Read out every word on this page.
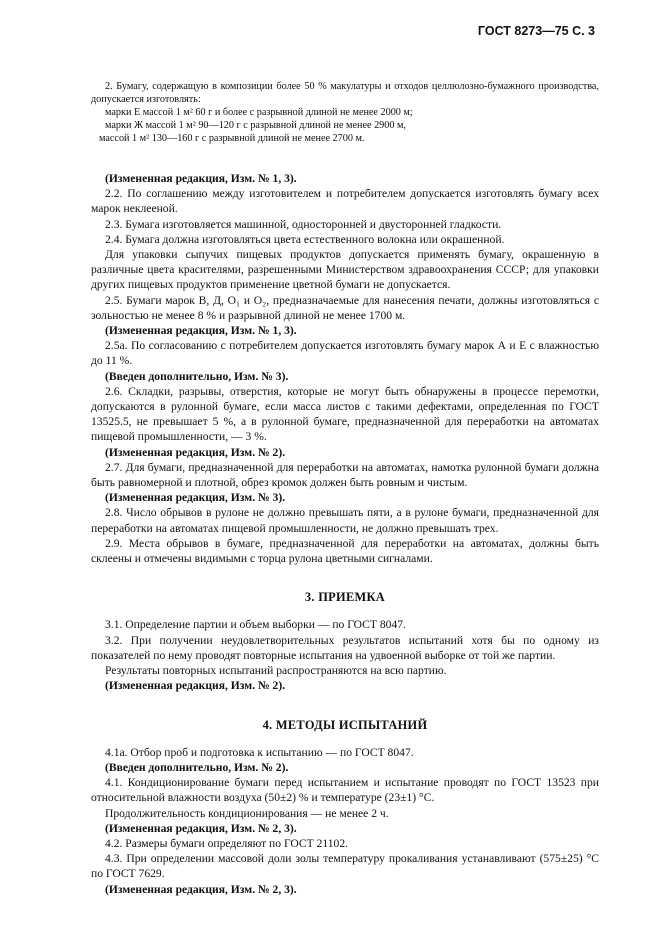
ГОСТ 8273—75 С. 3

2. Бумагу, содержащую в композиции более 50 % макулатуры и отходов целлюлозно-бумажного производства, допускается изготовлять:

марки Е массой 1 м² 60 г и более с разрывной длиной не менее 2000 м;

марки Ж массой 1 м² 90—120 г с разрывной длиной не менее 2900 м,

массой 1 м² 130—160 г с разрывной длиной не менее 2700 м.

(Измененная редакция, Изм. № 1, 3).

2.2. По соглашению между изготовителем и потребителем допускается изготовлять бумагу всех марок неклееной.

2.3. Бумага изготовляется машинной, односторонней и двусторонней гладкости.

2.4. Бумага должна изготовляться цвета естественного волокна или окрашенной.

Для упаковки сыпучих пищевых продуктов допускается применять бумагу, окрашенную в различные цвета красителями, разрешенными Министерством здравоохранения СССР; для упаковки других пищевых продуктов применение цветной бумаги не допускается.

2.5. Бумаги марок В, Д, О₁ и О₂, предназначаемые для нанесения печати, должны изготовляться с зольностью не менее 8 % и разрывной длиной не менее 1700 м.

(Измененная редакция, Изм. № 1, 3).

2.5а. По согласованию с потребителем допускается изготовлять бумагу марок А и Е с влажностью до 11 %.

(Введен дополнительно, Изм. № 3).

2.6. Складки, разрывы, отверстия, которые не могут быть обнаружены в процессе перемотки, допускаются в рулонной бумаге, если масса листов с такими дефектами, определенная по ГОСТ 13525.5, не превышает 5 %, а в рулонной бумаге, предназначенной для переработки на автоматах пищевой промышленности, — 3 %.

(Измененная редакция, Изм. № 2).

2.7. Для бумаги, предназначенной для переработки на автоматах, намотка рулонной бумаги должна быть равномерной и плотной, обрез кромок должен быть ровным и чистым.

(Измененная редакция, Изм. № 3).

2.8. Число обрывов в рулоне не должно превышать пяти, а в рулоне бумаги, предназначенной для переработки на автоматах пищевой промышленности, не должно превышать трех.

2.9. Места обрывов в бумаге, предназначенной для переработки на автоматах, должны быть склеены и отмечены видимыми с торца рулона цветными сигналами.

3. ПРИЕМКА

3.1. Определение партии и объем выборки — по ГОСТ 8047.

3.2. При получении неудовлетворительных результатов испытаний хотя бы по одному из показателей по нему проводят повторные испытания на удвоенной выборке от той же партии.

Результаты повторных испытаний распространяются на всю партию.

(Измененная редакция, Изм. № 2).

4. МЕТОДЫ ИСПЫТАНИЙ

4.1а. Отбор проб и подготовка к испытанию — по ГОСТ 8047.

(Введен дополнительно, Изм. № 2).

4.1. Кондиционирование бумаги перед испытанием и испытание проводят по ГОСТ 13523 при относительной влажности воздуха (50±2) % и температуре (23±1) °С.

Продолжительность кондиционирования — не менее 2 ч.

(Измененная редакция, Изм. № 2, 3).

4.2. Размеры бумаги определяют по ГОСТ 21102.

4.3. При определении массовой доли золы температуру прокаливания устанавливают (575±25) °С по ГОСТ 7629.

(Измененная редакция, Изм. № 2, 3).
